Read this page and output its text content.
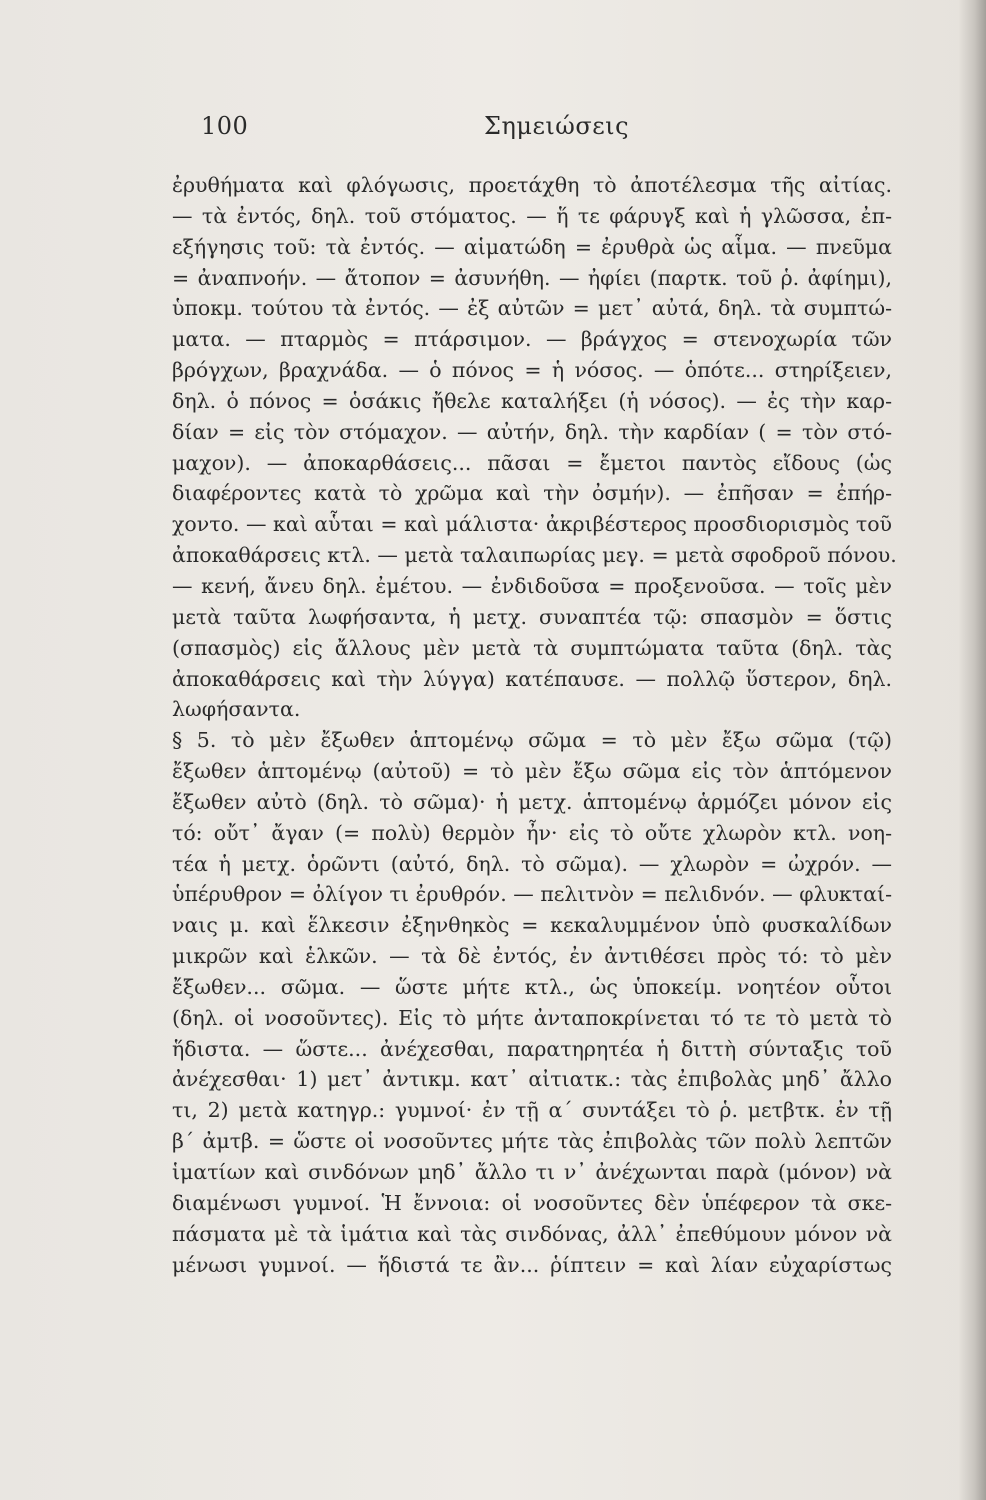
100	Σημειώσεις
ἐρυθήματα καὶ φλόγωσις, προετάχθη τὸ ἀποτέλεσμα τῆς αἰτίας.
— τὰ ἐντός, δηλ. τοῦ στόματος. — ἥ τε φάρυγξ καὶ ἡ γλῶσσα, ἐπ-
εξήγησις τοῦ: τὰ ἐντός. — αἱματώδη = ἐρυθρὰ ὡς αἷμα. — πνεῦμα
= ἀναπνοήν. — ἄτοπον = ἀσυνήθη. — ἠφίει (παρτκ. τοῦ ῥ. ἀφίημι),
ὑποκμ. τούτου τὰ ἐντός. — ἐξ αὐτῶν = μετ᾽ αὐτά, δηλ. τὰ συμπτώ-
ματα. — πταρμὸς = πτάρσιμον. — βράγχος = στενοχωρία τῶν
βρόγχων, βραχνάδα. — ὁ πόνος = ἡ νόσος. — ὁπότε... στηρίξειεν,
δηλ. ὁ πόνος = ὁσάκις ἤθελε καταλήξει (ἡ νόσος). — ἐς τὴν καρ-
δίαν = εἰς τὸν στόμαχον. — αὐτήν, δηλ. τὴν καρδίαν ( = τὸν στό-
μαχον). — ἀποκαρθάσεις... πᾶσαι = ἔμετοι παντὸς εἴδους (ὡς
διαφέροντες κατὰ τὸ χρῶμα καὶ τὴν ὀσμήν). — ἐπῆσαν = ἐπήρ-
χοντο. — καὶ αὗται = καὶ μάλιστα· ἀκριβέστερος προσδιορισμὸς τοῦ
ἀποκαθάρσεις κτλ. — μετὰ ταλαιπωρίας μεγ. = μετὰ σφοδροῦ πόνου.
— κενή, ἄνευ δηλ. ἐμέτου. — ἐνδιδοῦσα = προξενοῦσα. — τοῖς μὲν
μετὰ ταῦτα λωφήσαντα, ἡ μετχ. συναπτέα τῷ: σπασμὸν = ὅστις
(σπασμὸς) εἰς ἄλλους μὲν μετὰ τὰ συμπτώματα ταῦτα (δηλ. τὰς
ἀποκαθάρσεις καὶ τὴν λύγγα) κατέπαυσε. — πολλῷ ὕστερον, δηλ.
λωφήσαντα.
§ 5. τὸ μὲν ἔξωθεν ἁπτομένῳ σῶμα = τὸ μὲν ἔξω σῶμα (τῷ)
ἔξωθεν ἁπτομένῳ (αὐτοῦ) = τὸ μὲν ἔξω σῶμα εἰς τὸν ἁπτόμενον
ἔξωθεν αὐτὸ (δηλ. τὸ σῶμα)· ἡ μετχ. ἁπτομένῳ ἁρμόζει μόνον εἰς
τό: οὔτ᾽ ἄγαν (= πολὺ) θερμὸν ἦν· εἰς τὸ οὔτε χλωρὸν κτλ. νοη-
τέα ἡ μετχ. ὁρῶντι (αὐτό, δηλ. τὸ σῶμα). — χλωρὸν = ὠχρόν. —
ὑπέρυθρον = ὀλίγον τι ἐρυθρόν. — πελιτνὸν = πελιδνόν. — φλυκταί-
ναις μ. καὶ ἕλκεσιν ἐξηνθηκὸς = κεκαλυμμένον ὑπὸ φυσκαλίδων
μικρῶν καὶ ἑλκῶν. — τὰ δὲ ἐντός, ἐν ἀντιθέσει πρὸς τό: τὸ μὲν
ἔξωθεν... σῶμα. — ὥστε μήτε κτλ., ὡς ὑποκείμ. νοητέον οὗτοι
(δηλ. οἱ νοσοῦντες). Εἰς τὸ μήτε ἀνταποκρίνεται τό τε τὸ μετὰ τὸ
ἥδιστα. — ὥστε... ἀνέχεσθαι, παρατηρητέα ἡ διττὴ σύνταξις τοῦ
ἀνέχεσθαι· 1) μετ᾽ ἀντικμ. κατ᾽ αἰτιατκ.: τὰς ἐπιβολὰς μηδ᾽ ἄλλο
τι, 2) μετὰ κατηγρ.: γυμνοί· ἐν τῇ α΄ συντάξει τὸ ῥ. μετβτκ. ἐν τῇ
β΄ ἀμτβ. = ὥστε οἱ νοσοῦντες μήτε τὰς ἐπιβολὰς τῶν πολὺ λεπτῶν
ἱματίων καὶ σινδόνων μηδ᾽ ἄλλο τι ν᾽ ἀνέχωνται παρὰ (μόνον) νὰ
διαμένωσι γυμνοί. Ἡ ἔννοια: οἱ νοσοῦντες δὲν ὑπέφερον τὰ σκε-
πάσματα μὲ τὰ ἱμάτια καὶ τὰς σινδόνας, ἀλλ᾽ ἐπεθύμουν μόνον νὰ
μένωσι γυμνοί. — ἥδιστά τε ἂν... ῥίπτειν = καὶ λίαν εὐχαρίστως
